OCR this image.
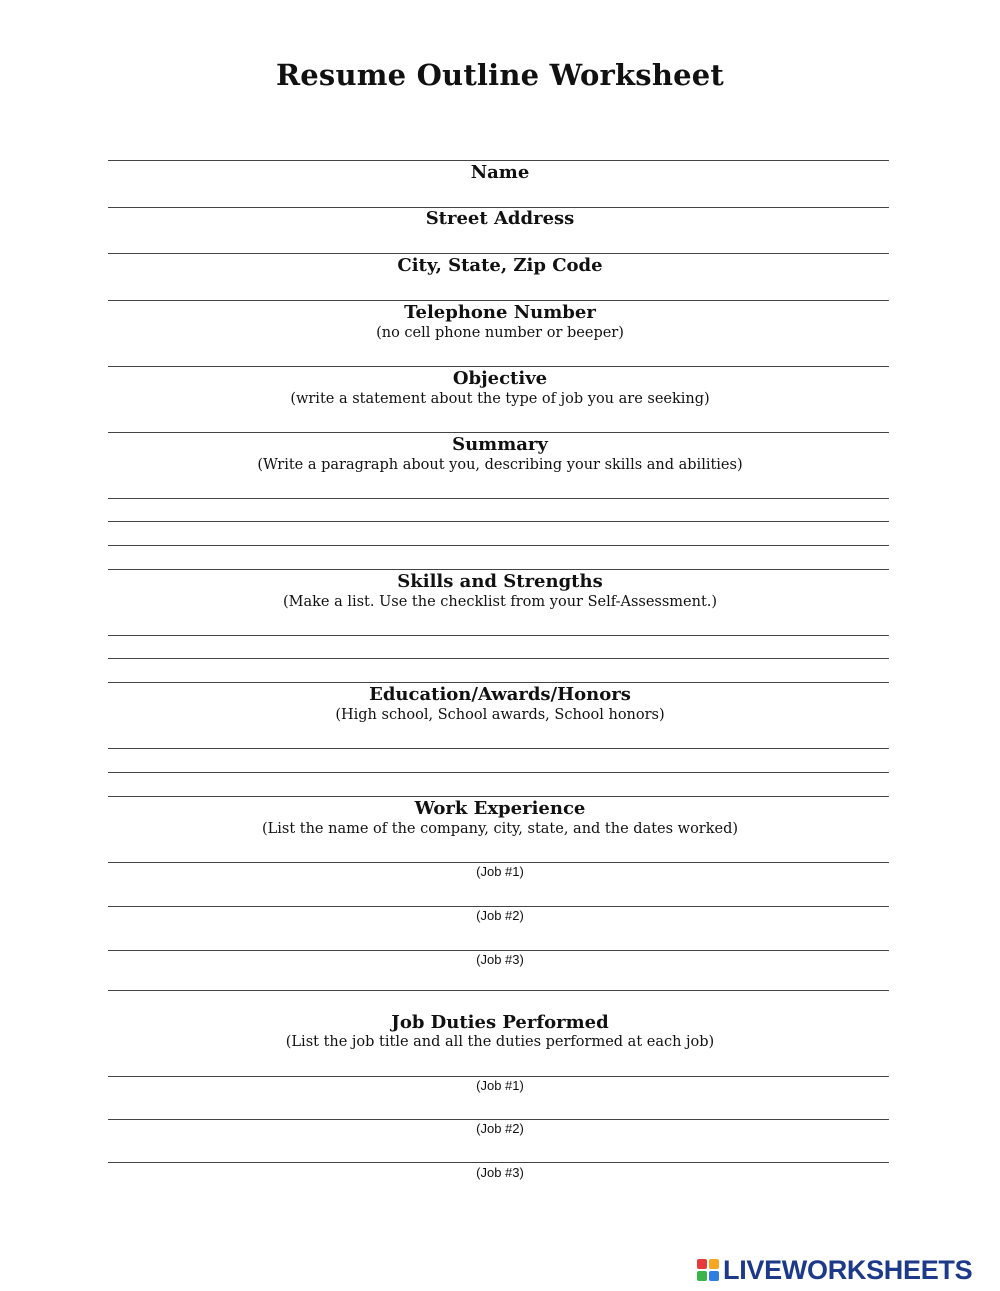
Resume Outline Worksheet
Name
Street Address
City, State, Zip Code
Telephone Number
(no cell phone number or beeper)
Objective
(write a statement about the type of job you are seeking)
Summary
(Write a paragraph about you, describing your skills and abilities)
Skills and Strengths
(Make a list. Use the checklist from your Self-Assessment.)
Education/Awards/Honors
(High school, School awards, School honors)
Work Experience
(List the name of the company, city, state, and the dates worked)
(Job #1)
(Job #2)
(Job #3)
Job Duties Performed
(List the job title and all the duties performed at each job)
(Job #1)
(Job #2)
(Job #3)
LIVEWORKSHEETS
